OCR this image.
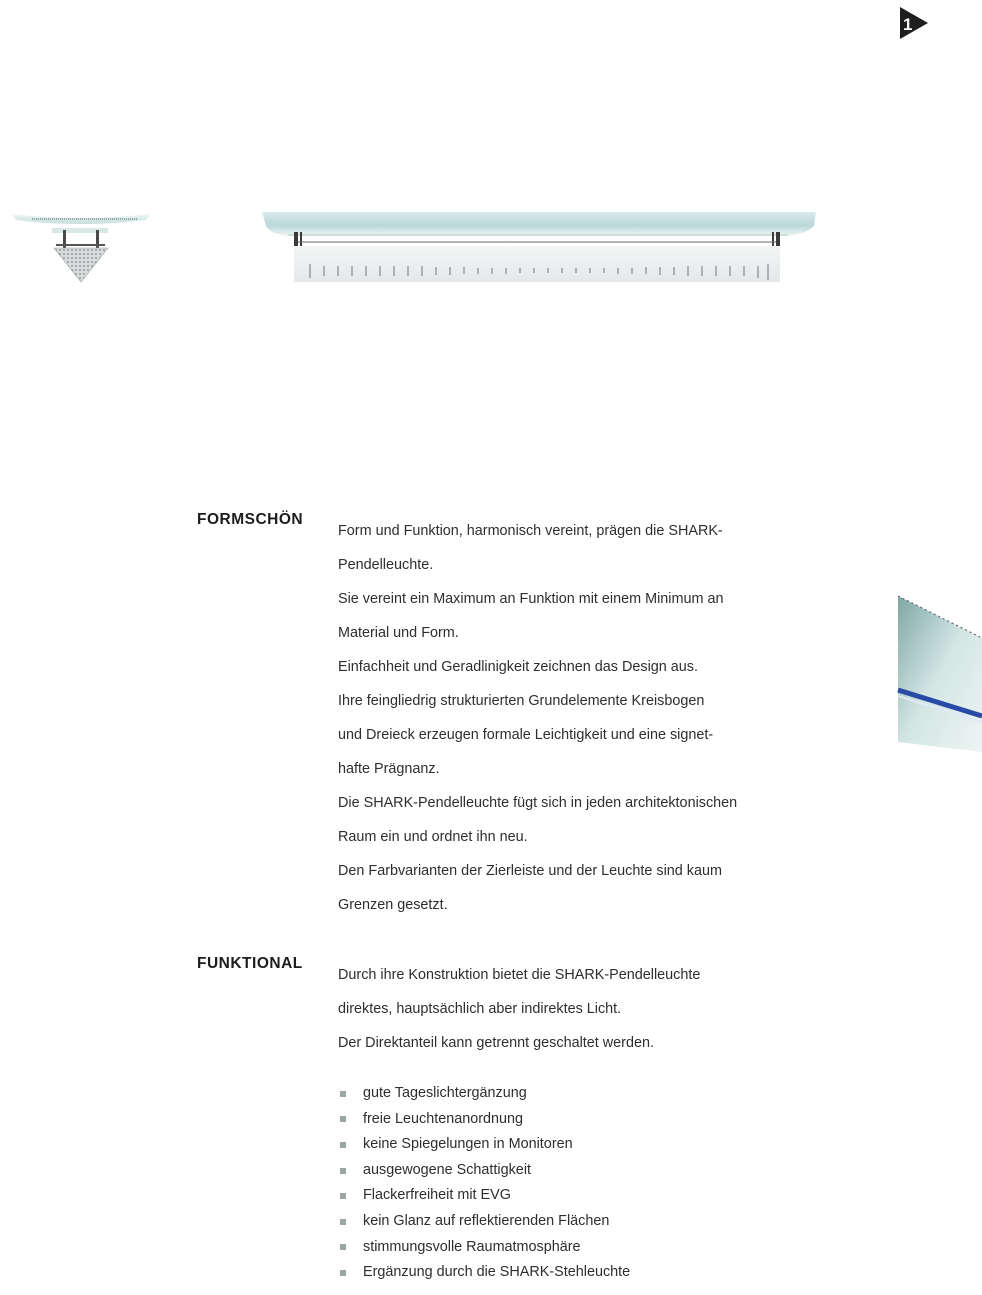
1
FORMSCHÖN
Form und Funktion, harmonisch vereint, prägen die SHARK-
Pendelleuchte.
Sie vereint ein Maximum an Funktion mit einem Minimum an
Material und Form.
Einfachheit und Geradlinigkeit zeichnen das Design aus.
Ihre feingliedrig strukturierten Grundelemente Kreisbogen
und Dreieck erzeugen formale Leichtigkeit und eine signet-
hafte Prägnanz.
Die SHARK-Pendelleuchte fügt sich in jeden architektonischen
Raum ein und ordnet ihn neu.
Den Farbvarianten der Zierleiste und der Leuchte sind kaum
Grenzen gesetzt.
FUNKTIONAL
Durch ihre Konstruktion bietet die SHARK-Pendelleuchte
direktes, hauptsächlich aber indirektes Licht.
Der Direktanteil kann getrennt geschaltet werden.
gute Tageslichtergänzung
freie Leuchtenanordnung
keine Spiegelungen in Monitoren
ausgewogene Schattigkeit
Flackerfreiheit mit EVG
kein Glanz auf reflektierenden Flächen
stimmungsvolle Raumatmosphäre
Ergänzung durch die SHARK-Stehleuchte
